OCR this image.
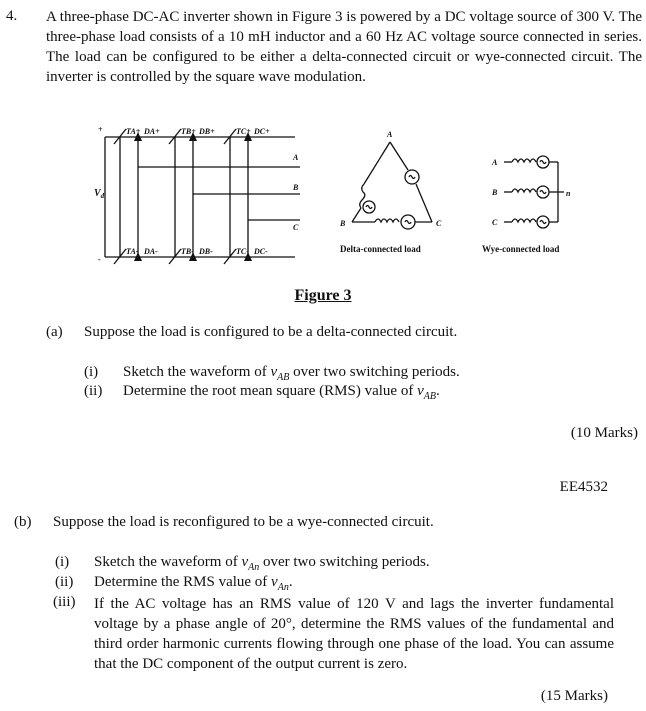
4. A three-phase DC-AC inverter shown in Figure 3 is powered by a DC voltage source of 300 V. The three-phase load consists of a 10 mH inductor and a 60 Hz AC voltage source connected in series. The load can be configured to be either a delta-connected circuit or wye-connected circuit. The inverter is controlled by the square wave modulation.
+
-
TA+ DA+	TB+ DB+	TC+ DC+
TA- DA-	TB- DB-	TC- DC-
A
B
C
$V_d$
A
B	C
Delta-connected load
A
B
C
n
Wye-connected load
Figure 3
(a) Suppose the load is configured to be a delta-connected circuit.
(i) Sketch the waveform of $v_{AB}$ over two switching periods.
(ii) Determine the root mean square (RMS) value of $v_{AB}$.
(10 Marks)
EE4532
(b) Suppose the load is reconfigured to be a wye-connected circuit.
(i) Sketch the waveform of $v_{An}$ over two switching periods.
(ii) Determine the RMS value of $v_{An}$.
(iii) If the AC voltage has an RMS value of 120 V and lags the inverter fundamental voltage by a phase angle of 20°, determine the RMS values of the fundamental and third order harmonic currents flowing through one phase of the load. You can assume that the DC component of the output current is zero.
(15 Marks)
